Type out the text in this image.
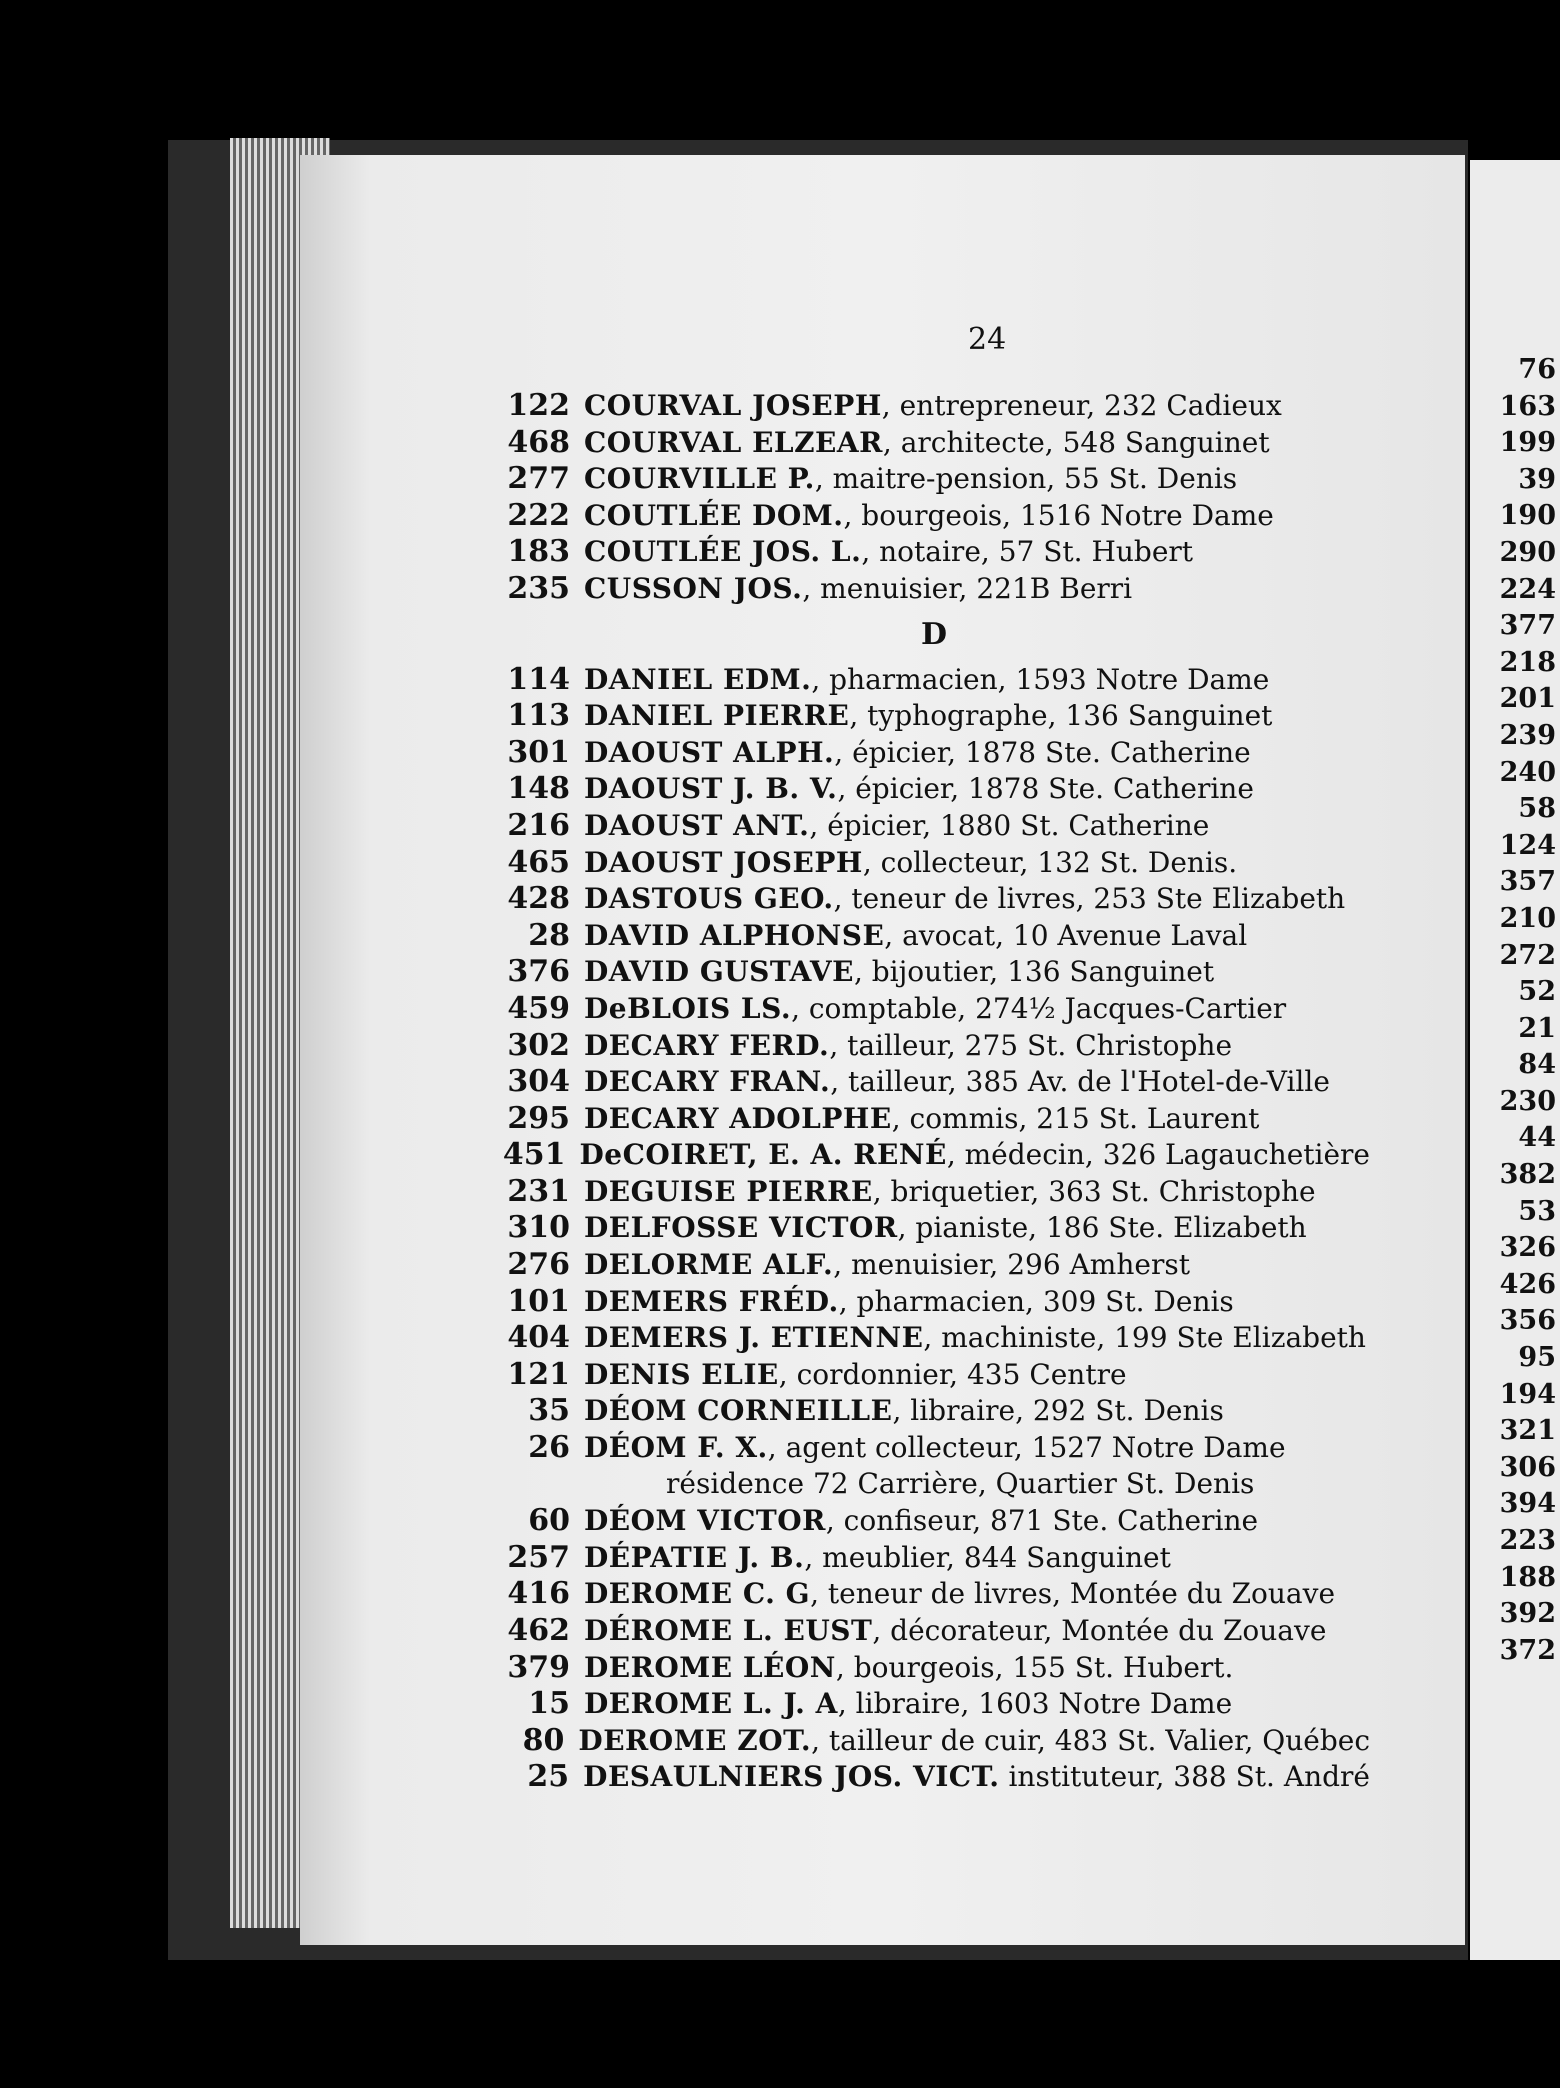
24
122 COURVAL JOSEPH, entrepreneur, 232 Cadieux
468 COURVAL ELZEAR, architecte, 548 Sanguinet
277 COURVILLE P., maitre-pension, 55 St. Denis
222 COUTLÉE DOM., bourgeois, 1516 Notre Dame
183 COUTLÉE JOS. L., notaire, 57 St. Hubert
235 CUSSON JOS., menuisier, 221B Berri
D
114 DANIEL EDM., pharmacien, 1593 Notre Dame
113 DANIEL PIERRE, typhographe, 136 Sanguinet
301 DAOUST ALPH., épicier, 1878 Ste. Catherine
148 DAOUST J. B. V., épicier, 1878 Ste. Catherine
216 DAOUST ANT., épicier, 1880 St. Catherine
465 DAOUST JOSEPH, collecteur, 132 St. Denis.
428 DASTOUS GEO., teneur de livres, 253 Ste Elizabeth
28 DAVID ALPHONSE, avocat, 10 Avenue Laval
376 DAVID GUSTAVE, bijoutier, 136 Sanguinet
459 DeBLOIS LS., comptable, 274½ Jacques-Cartier
302 DECARY FERD., tailleur, 275 St. Christophe
304 DECARY FRAN., tailleur, 385 Av. de l'Hotel-de-Ville
295 DECARY ADOLPHE, commis, 215 St. Laurent
451 DeCOIRET, E. A. RENÉ, médecin, 326 Lagauchetière
231 DEGUISE PIERRE, briquetier, 363 St. Christophe
310 DELFOSSE VICTOR, pianiste, 186 Ste. Elizabeth
276 DELORME ALF., menuisier, 296 Amherst
101 DEMERS FRÉD., pharmacien, 309 St. Denis
404 DEMERS J. ETIENNE, machiniste, 199 Ste Elizabeth
121 DENIS ELIE, cordonnier, 435 Centre
35 DÉOM CORNEILLE, libraire, 292 St. Denis
26 DÉOM F. X., agent collecteur, 1527 Notre Dame
résidence 72 Carrière, Quartier St. Denis
60 DÉOM VICTOR, confiseur, 871 Ste. Catherine
257 DÉPATIE J. B., meublier, 844 Sanguinet
416 DEROME C. G, teneur de livres, Montée du Zouave
462 DÉROME L. EUST, décorateur, Montée du Zouave
379 DEROME LÉON, bourgeois, 155 St. Hubert.
15 DEROME L. J. A, libraire, 1603 Notre Dame
80 DEROME ZOT., tailleur de cuir, 483 St. Valier, Québec
25 DESAULNIERS JOS. VICT. instituteur, 388 St. André
76
163
199
39
190
290
224
377
218
201
239
240
58
124
357
210
272
52
21
84
230
44
382
53
326
426
356
95
194
321
306
394
223
188
392
372
